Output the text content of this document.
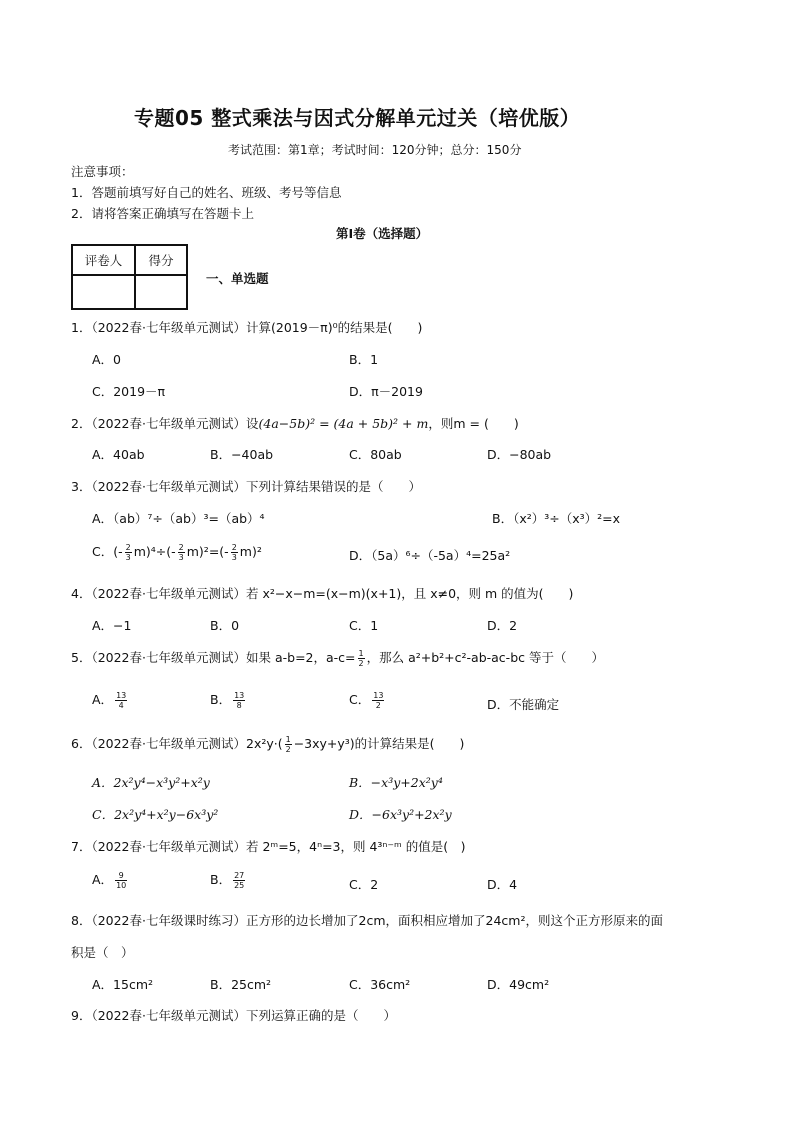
专题05 整式乘法与因式分解单元过关（培优版）
考试范围：第1章；考试时间：120分钟；总分：150分
注意事项：
1．答题前填写好自己的姓名、班级、考号等信息
2．请将答案正确填写在答题卡上
第Ⅰ卷（选择题）
评卷人	得分

一、单选题
1．（2022春·七年级单元测试）计算(2019－π)⁰的结果是(　　)
A．0	B．1
C．2019－π	D．π－2019
2．（2022春·七年级单元测试）设(4a−5b)² = (4a + 5b)² + m，则m = (　　)
A．40ab	B．−40ab	C．80ab	D．−80ab
3．（2022春·七年级单元测试）下列计算结果错误的是（　　）
A．（ab）⁷÷（ab）³=（ab）⁴	B．（x²）³÷（x³）²=x
C．(- $\frac{2}{3} m)^4\div(- \frac{2}{3} m)^2=(- \frac{2}{3} m)^2$	D．（5a）⁶÷（-5a）⁴=25a²
4．（2022春·七年级单元测试）若 x²−x−m=(x−m)(x+1)，且 x≠0，则 m 的值为(　　)
A．−1	B．0	C．1	D．2
5．（2022春·七年级单元测试）如果 a-b=2，$a-c= \frac{1}{2}$ ，那么 a²+b²+c²-ab-ac-bc 等于（　　）
A． $\frac{13}{4}$	B． $\frac{13}{8}$	C． $\frac{13}{2}$	D．不能确定
6．（2022春·七年级单元测试）$2x^2y\cdot( \frac{1}{2} -3xy+y^3)$的计算结果是(　　)
A．2x²y⁴−x³y²+x²y	B．−x³y+2x²y⁴
C．2x²y⁴+x²y−6x³y²	D．−6x³y²+2x²y
7．（2022春·七年级单元测试）若 2ᵐ=5，4ⁿ=3，则 4³ⁿ⁻ᵐ 的值是(　)
A． $\frac{9}{10}$	B． $\frac{27}{25}$	C．2	D．4
8．（2022春·七年级课时练习）正方形的边长增加了2cm，面积相应增加了24cm²，则这个正方形原来的面
积是（　）
A．15cm²	B．25cm²	C．36cm²	D．49cm²
9．（2022春·七年级单元测试）下列运算正确的是（　　）
